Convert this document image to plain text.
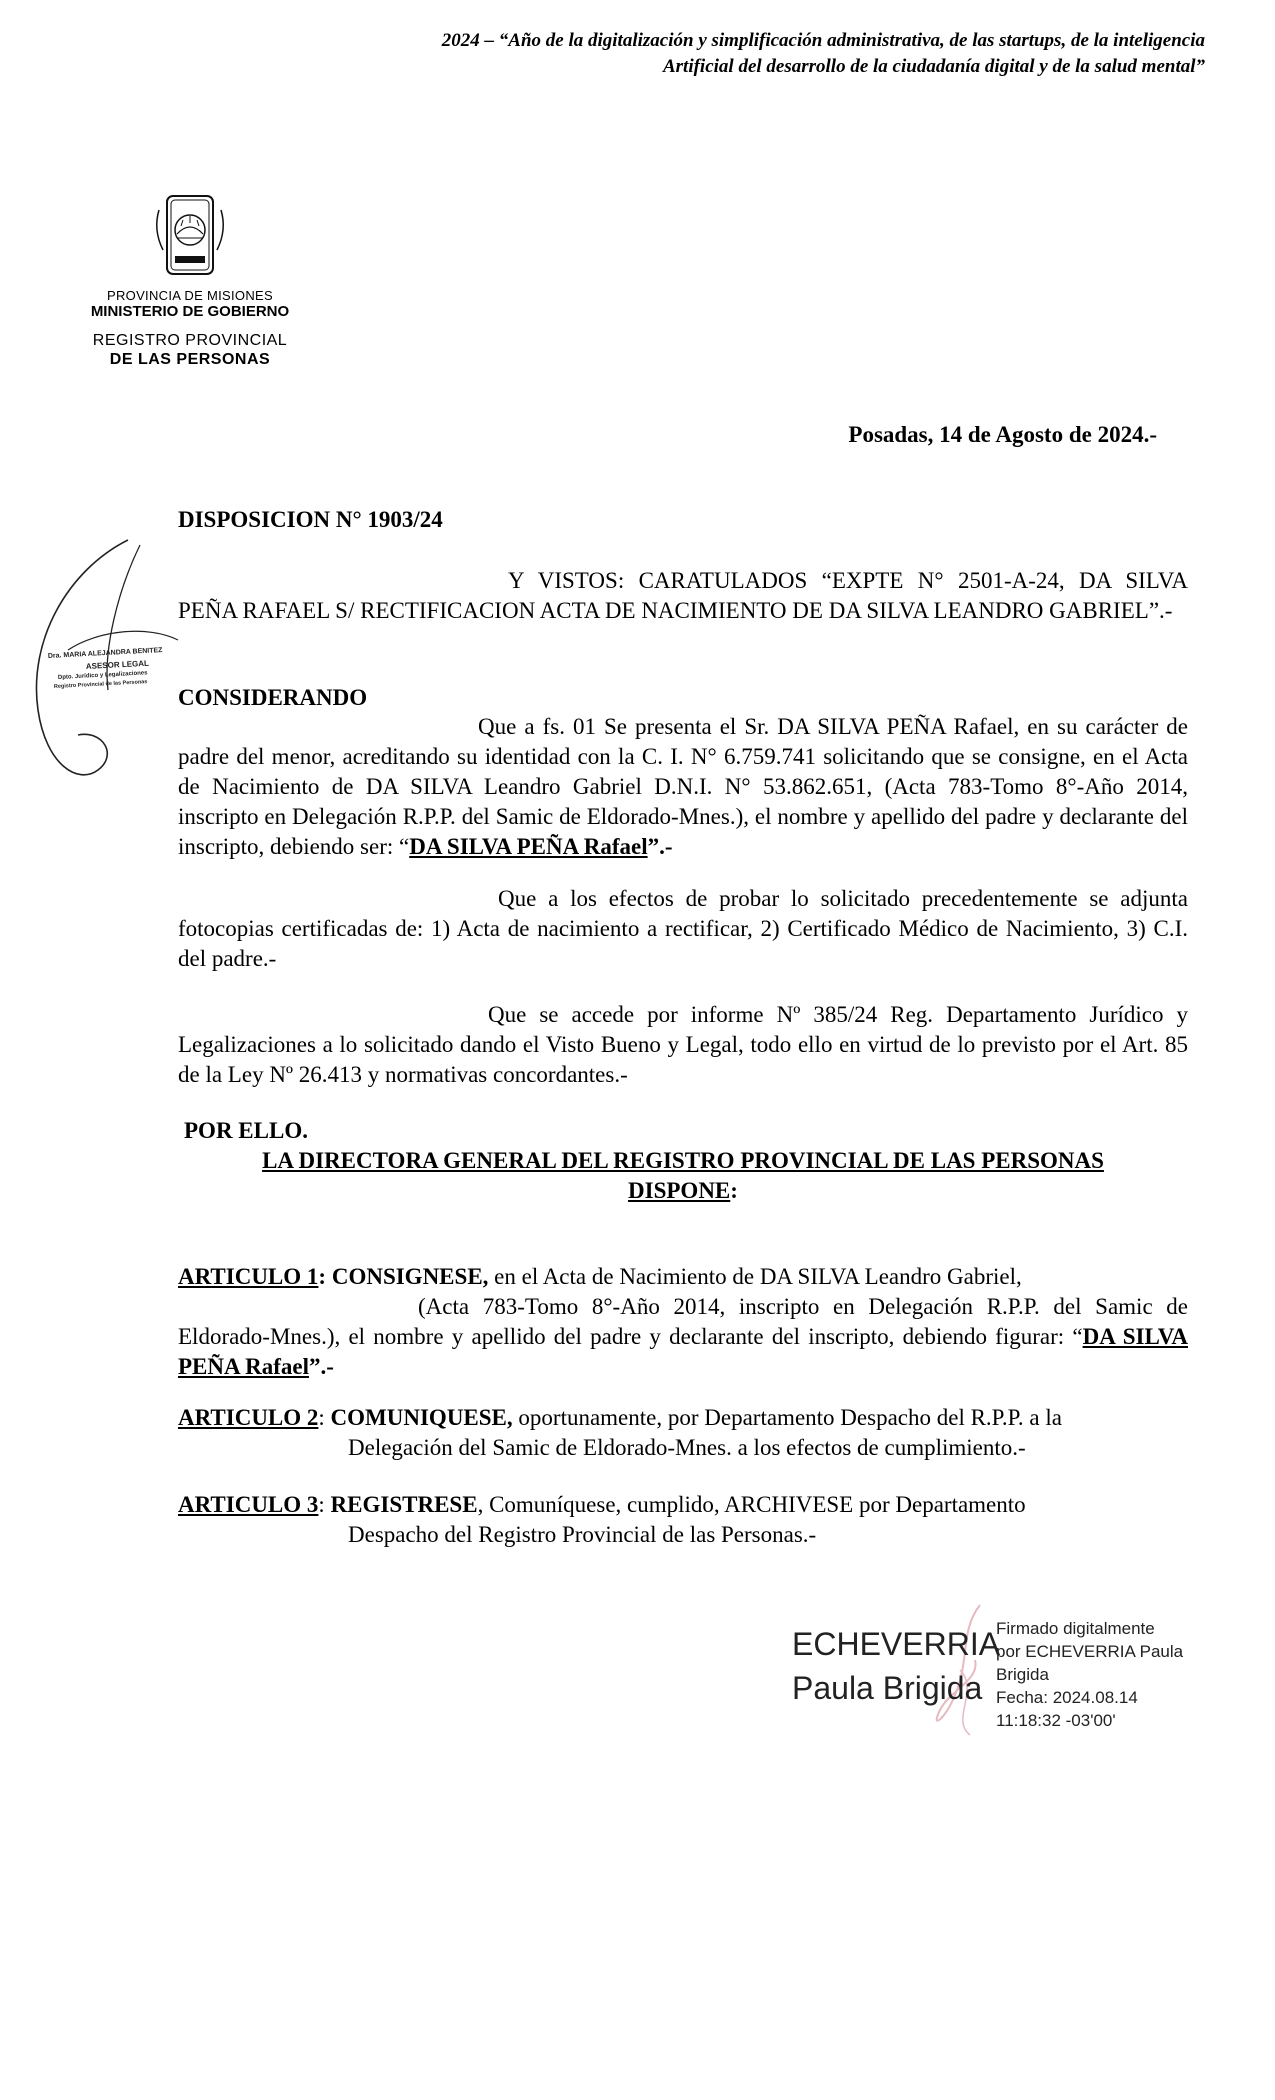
2024 – “Año de la digitalización y simplificación administrativa, de las startups, de la inteligencia
Artificial del desarrollo de la ciudadanía digital y de la salud mental”
PROVINCIA DE MISIONES
MINISTERIO DE GOBIERNO
REGISTRO PROVINCIAL
DE LAS PERSONAS
Posadas, 14 de Agosto de 2024.-
DISPOSICION N° 1903/24
Y VISTOS: CARATULADOS “EXPTE N° 2501-A-24, DA SILVA PEÑA RAFAEL S/ RECTIFICACION ACTA DE NACIMIENTO DE DA SILVA LEANDRO GABRIEL”.-
CONSIDERANDO
Que a fs. 01 Se presenta el Sr. DA SILVA PEÑA Rafael, en su carácter de padre del menor, acreditando su identidad con la C. I. N° 6.759.741 solicitando que se consigne, en el Acta de Nacimiento de DA SILVA Leandro Gabriel D.N.I. N° 53.862.651, (Acta 783-Tomo 8°-Año 2014, inscripto en Delegación R.P.P. del Samic de Eldorado-Mnes.), el nombre y apellido del padre y declarante del inscripto, debiendo ser: “DA SILVA PEÑA Rafael”.-
Que a los efectos de probar lo solicitado precedentemente se adjunta fotocopias certificadas de: 1) Acta de nacimiento a rectificar, 2) Certificado Médico de Nacimiento, 3) C.I. del padre.-
Que se accede por informe Nº 385/24 Reg. Departamento Jurídico y Legalizaciones a lo solicitado dando el Visto Bueno y Legal, todo ello en virtud de lo previsto por el Art. 85 de la Ley Nº 26.413 y normativas concordantes.-
POR ELLO.
LA DIRECTORA GENERAL DEL REGISTRO PROVINCIAL DE LAS PERSONAS
DISPONE:
ARTICULO 1: CONSIGNESE, en el Acta de Nacimiento de DA SILVA Leandro Gabriel,
(Acta 783-Tomo 8°-Año 2014, inscripto en Delegación R.P.P. del Samic de Eldorado-Mnes.), el nombre y apellido del padre y declarante del inscripto, debiendo figurar: “DA SILVA PEÑA Rafael”.-
ARTICULO 2: COMUNIQUESE, oportunamente, por Departamento Despacho del R.P.P. a la
Delegación del Samic de Eldorado-Mnes. a los efectos de cumplimiento.-
ARTICULO 3: REGISTRESE, Comuníquese, cumplido, ARCHIVESE por Departamento
Despacho del Registro Provincial de las Personas.-
Dra. MARIA ALEJANDRA BENITEZ
ASESOR LEGAL
Dpto. Jurídico y Legalizaciones
Registro Provincial de las Personas
ECHEVERRIA
Paula Brigida
Firmado digitalmente
por ECHEVERRIA Paula
Brigida
Fecha: 2024.08.14
11:18:32 -03'00'
